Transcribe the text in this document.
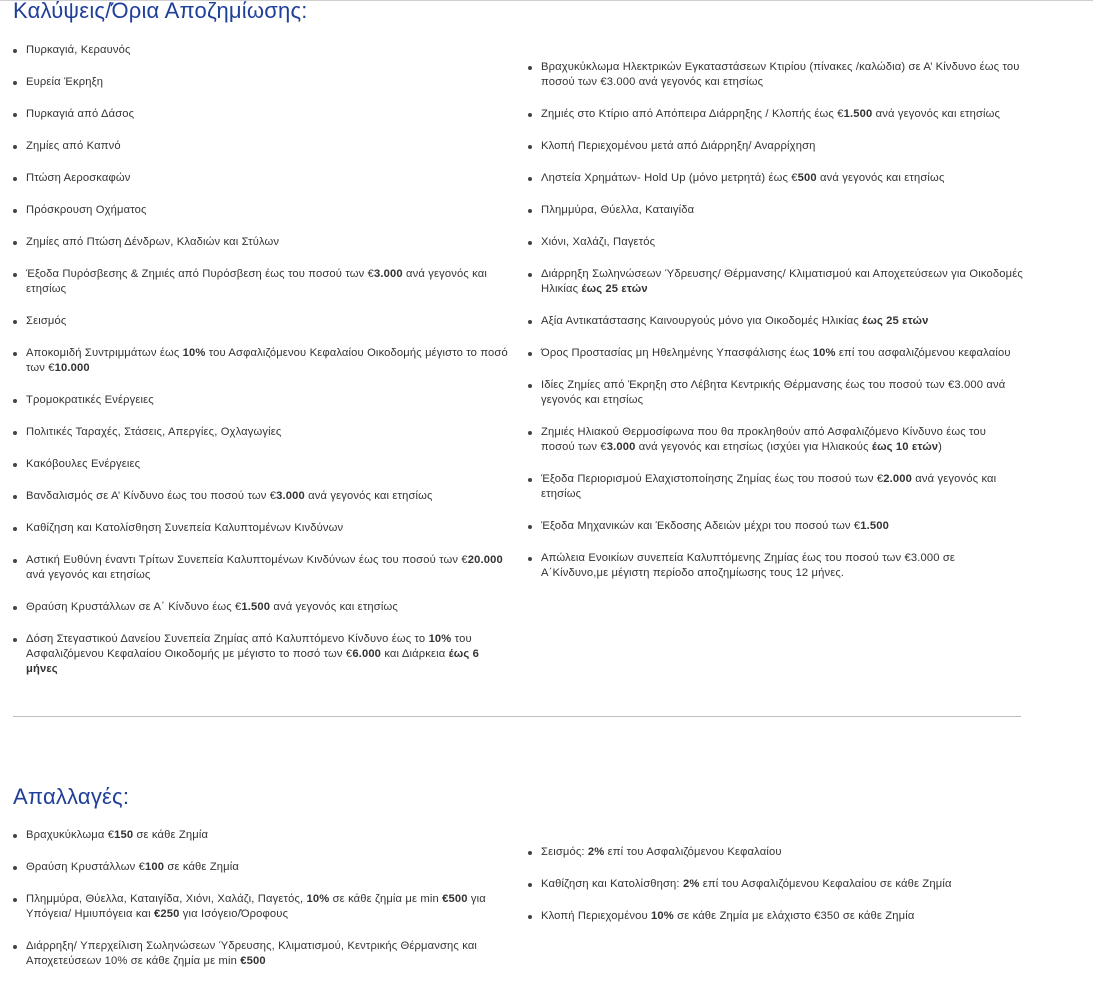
Καλύψεις/Όρια Αποζημίωσης:
Πυρκαγιά, Κεραυνός
Ευρεία Έκρηξη
Πυρκαγιά από Δάσος
Ζημίες από Καπνό
Πτώση Αεροσκαφών
Πρόσκρουση Οχήματος
Ζημίες από Πτώση Δένδρων, Κλαδιών και Στύλων
Έξοδα Πυρόσβεσης & Ζημιές από Πυρόσβεση έως του ποσού των €3.000 ανά γεγονός και ετησίως
Σεισμός
Αποκομιδή Συντριμμάτων έως 10% του Ασφαλιζόμενου Κεφαλαίου Οικοδομής μέγιστο το ποσό των €10.000
Τρομοκρατικές Ενέργειες
Πολιτικές Ταραχές, Στάσεις, Απεργίες, Οχλαγωγίες
Κακόβουλες Ενέργειες
Βανδαλισμός σε Α’ Κίνδυνο έως του ποσού των €3.000 ανά γεγονός και ετησίως
Καθίζηση και Κατολίσθηση Συνεπεία Καλυπτομένων Κινδύνων
Αστική Ευθύνη έναντι Τρίτων Συνεπεία Καλυπτομένων Κινδύνων έως του ποσού των €20.000 ανά γεγονός και ετησίως
Θραύση Κρυστάλλων σε Α΄ Κίνδυνο έως €1.500 ανά γεγονός και ετησίως
Δόση Στεγαστικού Δανείου Συνεπεία Ζημίας από Καλυπτόμενο Κίνδυνο έως το 10% του Ασφαλιζόμενου Κεφαλαίου Οικοδομής με μέγιστο το ποσό των €6.000 και Διάρκεια έως 6 μήνες
Βραχυκύκλωμα Ηλεκτρικών Εγκαταστάσεων Κτιρίου (πίνακες /καλώδια) σε Α’ Κίνδυνο έως του ποσού των €3.000 ανά γεγονός και ετησίως
Ζημιές στο Κτίριο από Απόπειρα Διάρρηξης / Κλοπής έως €1.500 ανά γεγονός και ετησίως
Κλοπή Περιεχομένου μετά από Διάρρηξη/ Αναρρίχηση
Ληστεία Χρημάτων- Hold Up (μόνο μετρητά) έως €500 ανά γεγονός και ετησίως
Πλημμύρα, Θύελλα, Καταιγίδα
Χιόνι, Χαλάζι, Παγετός
Διάρρηξη Σωληνώσεων Ύδρευσης/ Θέρμανσης/ Κλιματισμού και Αποχετεύσεων για Οικοδομές Ηλικίας έως 25 ετών
Αξία Αντικατάστασης Καινουργούς μόνο για Οικοδομές Ηλικίας έως 25 ετών
Όρος Προστασίας μη Ηθελημένης Υπασφάλισης έως 10% επί του ασφαλιζόμενου κεφαλαίου
Ιδίες Ζημίες από Έκρηξη στο Λέβητα Κεντρικής Θέρμανσης έως του ποσού των €3.000 ανά γεγονός και ετησίως
Ζημιές Ηλιακού Θερμοσίφωνα που θα προκληθούν από Ασφαλιζόμενο Κίνδυνο έως του ποσού των €3.000 ανά γεγονός και ετησίως (ισχύει για Ηλιακούς έως 10 ετών)
Έξοδα Περιορισμού Ελαχιστοποίησης Ζημίας έως του ποσού των €2.000 ανά γεγονός και ετησίως
Έξοδα Μηχανικών και Έκδοσης Αδειών μέχρι του ποσού των €1.500
Απώλεια Ενοικίων συνεπεία Καλυπτόμενης Ζημίας έως του ποσού των €3.000 σε Α΄Κίνδυνο,με μέγιστη περίοδο αποζημίωσης τους 12 μήνες.
Απαλλαγές:
Βραχυκύκλωμα €150 σε κάθε Ζημία
Θραύση Κρυστάλλων €100 σε κάθε Ζημία
Πλημμύρα, Θύελλα, Καταιγίδα, Χιόνι, Χαλάζι, Παγετός, 10% σε κάθε ζημία με min €500 για Υπόγεια/ Ημιυπόγεια και €250 για Ισόγειο/Όροφους
Διάρρηξη/ Υπερχείλιση Σωληνώσεων Ύδρευσης, Κλιματισμού, Κεντρικής Θέρμανσης και Αποχετεύσεων 10% σε κάθε ζημία με min €500
Σεισμός: 2% επί του Ασφαλιζόμενου Κεφαλαίου
Καθίζηση και Κατολίσθηση: 2% επί του Ασφαλιζόμενου Κεφαλαίου σε κάθε Ζημία
Κλοπή Περιεχομένου 10% σε κάθε Ζημία με ελάχιστο €350 σε κάθε Ζημία
